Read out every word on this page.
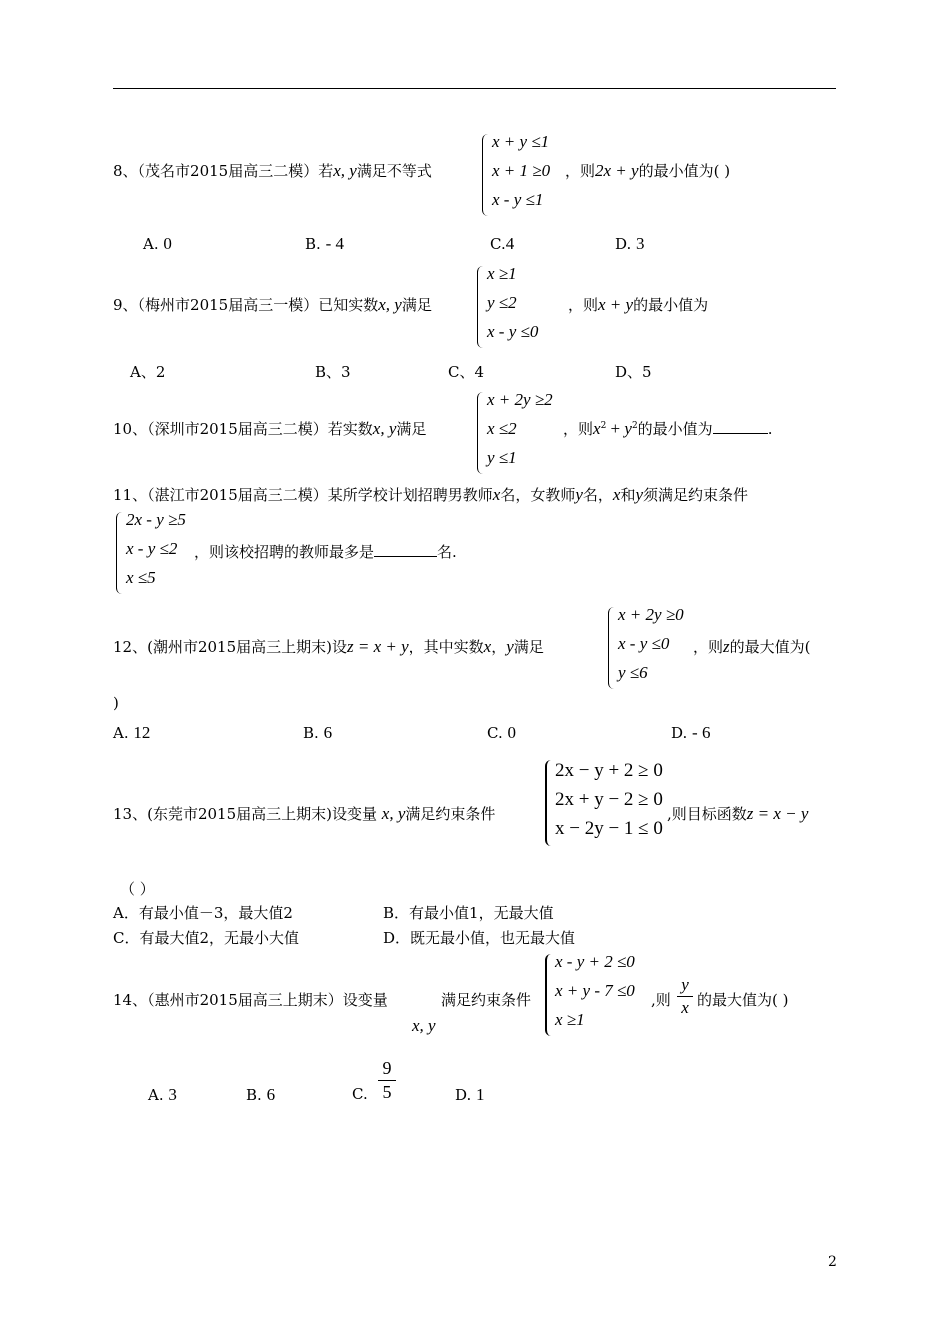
8、（茂名市2015届高三二模）若x, y满足不等式
x + y ≤1
x + 1 ≥0
x - y ≤1
，则2x + y的最小值为( )
A. 0	B. - 4	C.4	D. 3
9、（梅州市2015届高三一模）已知实数x, y满足
x ≥1
y ≤2
x - y ≤0
，则x + y的最小值为
A、2	B、3	C、4	D、5
10、（深圳市2015届高三二模）若实数x, y满足
x + 2y ≥2
x ≤2
y ≤1
，则$x^2 + y^2$的最小值为	.
11、（湛江市2015届高三二模）某所学校计划招聘男教师x名，女教师y名，x和y须满足约束条件
2x - y ≥5
x - y ≤2
x ≤5
，则该校招聘的教师最多是	名.
12、(潮州市2015届高三上期末)设z = x + y，其中实数x，y满足
x + 2y ≥0
x - y ≤0
y ≤6
，则z的最大值为(
)
A. 12	B. 6	C. 0	D. - 6
13、(东莞市2015届高三上期末)设变量 x, y满足约束条件
2x − y + 2 ≥ 0
2x + y − 2 ≥ 0
x − 2y − 1 ≤ 0
,则目标函数z = x − y
（ ）
A．有最小值－3，最大值2	B．有最小值1，无最大值
C．有最大值2，无最小大值	D．既无最小值，也无最大值
14、（惠州市2015届高三上期末）设变量	满足约束条件
x, y
x - y + 2 ≤0
x + y - 7 ≤0
x ≥1
,则
y
x 的最大值为( )
A. 3	B. 6	C.
9
5	D. 1
2
